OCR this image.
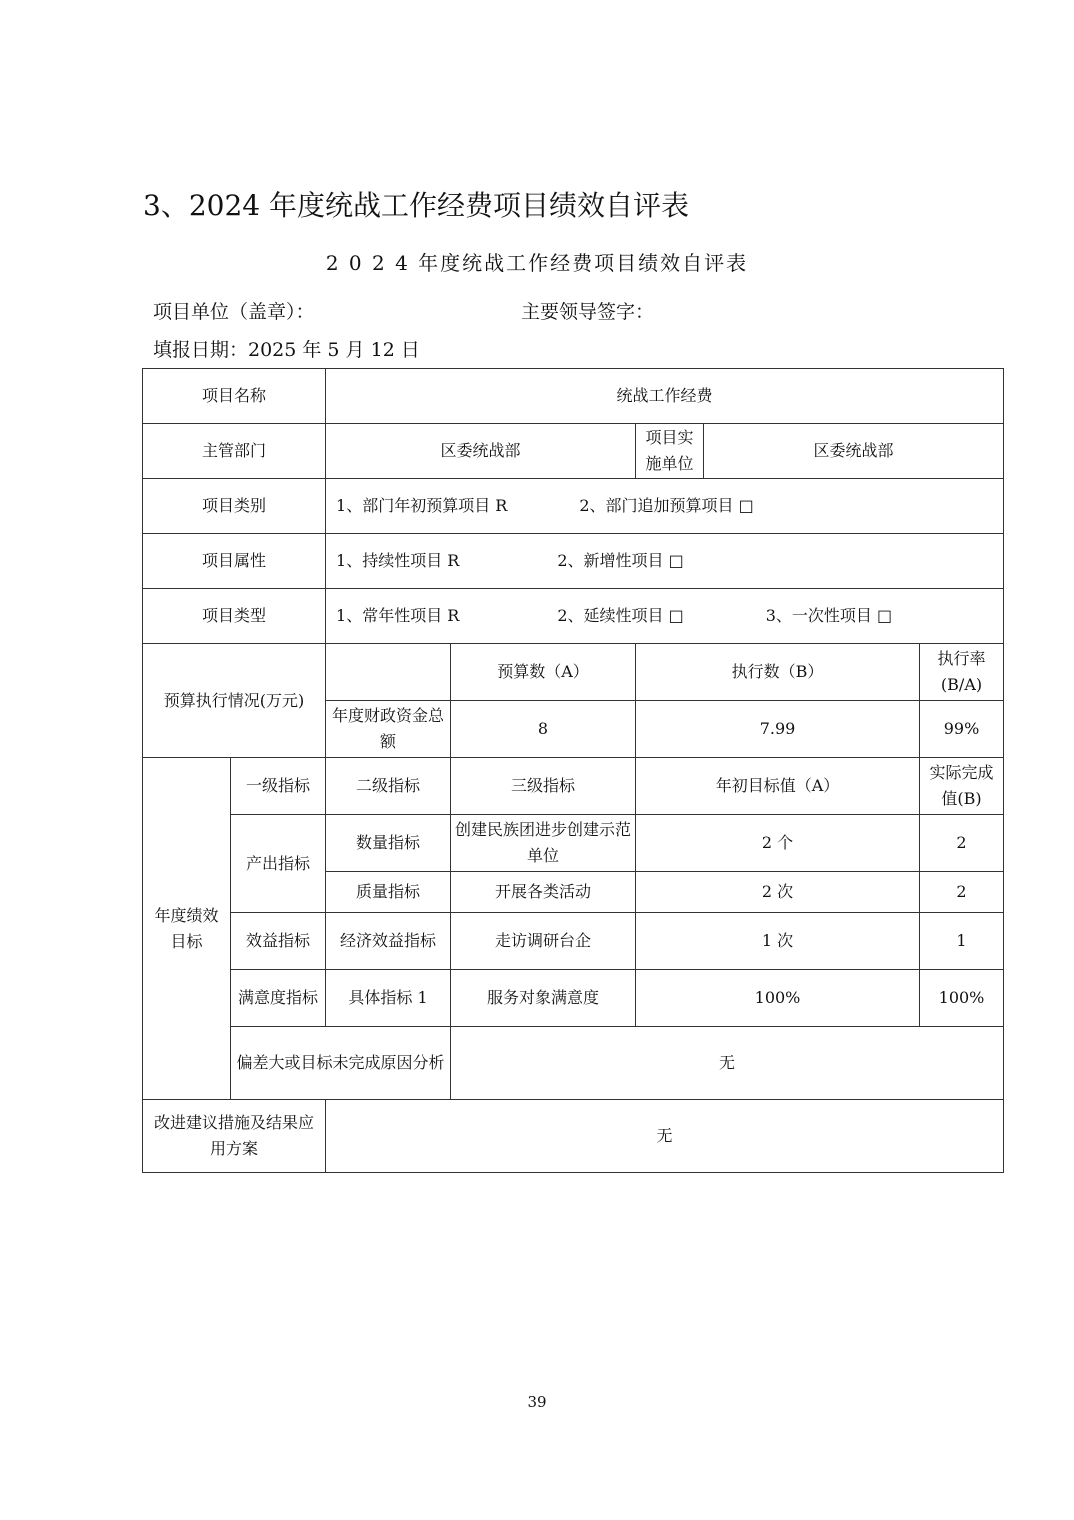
3、2024 年度统战工作经费项目绩效自评表
2 0 2 4 年度统战工作经费项目绩效自评表
项目单位（盖章）：	主要领导签字：
填报日期：2025 年 5 月 12 日
项目名称		统战工作经费				
主管部门		区委统战部		项目实施单位	区委统战部	
项目类别		1、部门年初预算项目 R 2、部门追加预算项目 □				
项目属性		1、持续性项目 R 2、新增性项目 □				
项目类型		1、常年性项目 R 2、延续性项目 □ 3、一次性项目 □				
预算执行情况(万元)			预算数（A）	执行数（B）		执行率(B/A)
		年度财政资金总额	8	7.99		99%
年度绩效目标	一级指标	二级指标	三级指标	年初目标值（A）		实际完成值(B)
	产出指标	数量指标	创建民族团进步创建示范单位	2 个		2
		质量指标	开展各类活动	2 次		2
	效益指标	经济效益指标	走访调研台企	1 次		1
	满意度指标	具体指标 1	服务对象满意度	100%		100%
	偏差大或目标未完成原因分析		无			
改进建议措施及结果应用方案		无				
39
